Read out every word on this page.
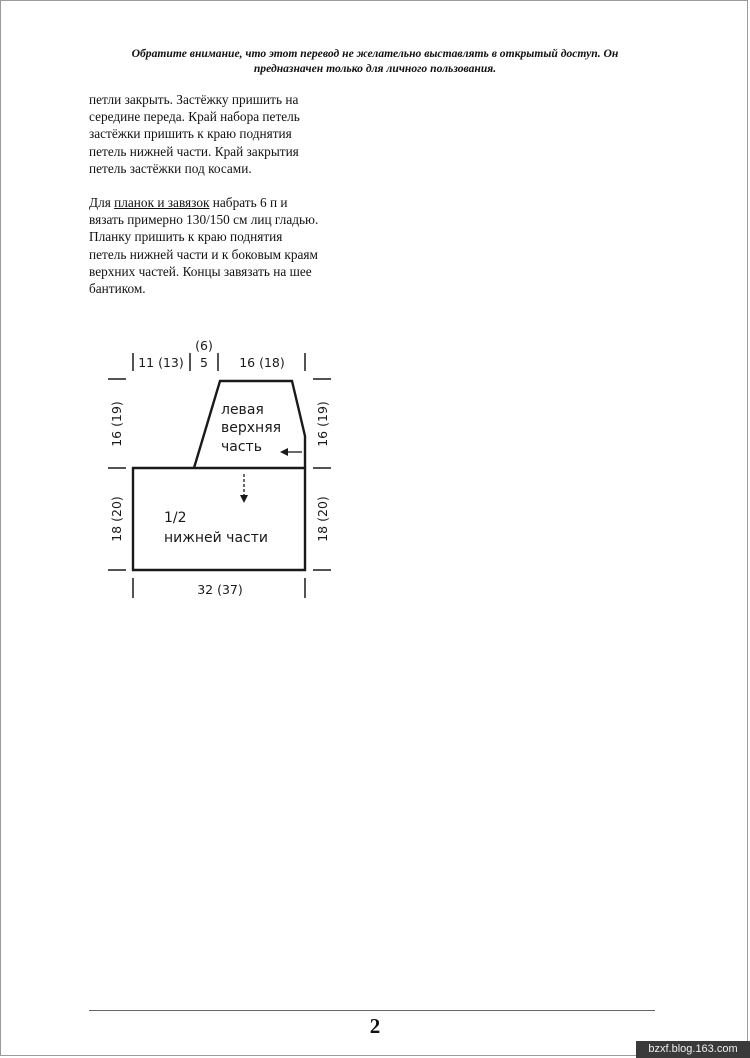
Обратите внимание, что этот перевод не желательно выставлять в открытый доступ. Он
предназначен только для личного пользования.
петли закрыть. Застёжку пришить на
середине переда. Край набора петель
застёжки пришить к краю поднятия
петель нижней части. Край закрытия
петель застёжки под косами.
Для планок и завязок набрать 6 п и
вязать примерно 130/150 см лиц гладью.
Планку пришить к краю поднятия
петель нижней части и к боковым краям
верхних частей. Концы завязать на шее
бантиком.
(6)
11 (13) 5	16 (18)
16 (19)
18 (20)
16 (19)
18 (20)
32 (37)
левая
верхняя
часть
1/2
нижней части
2
bzxf.blog.163.com
